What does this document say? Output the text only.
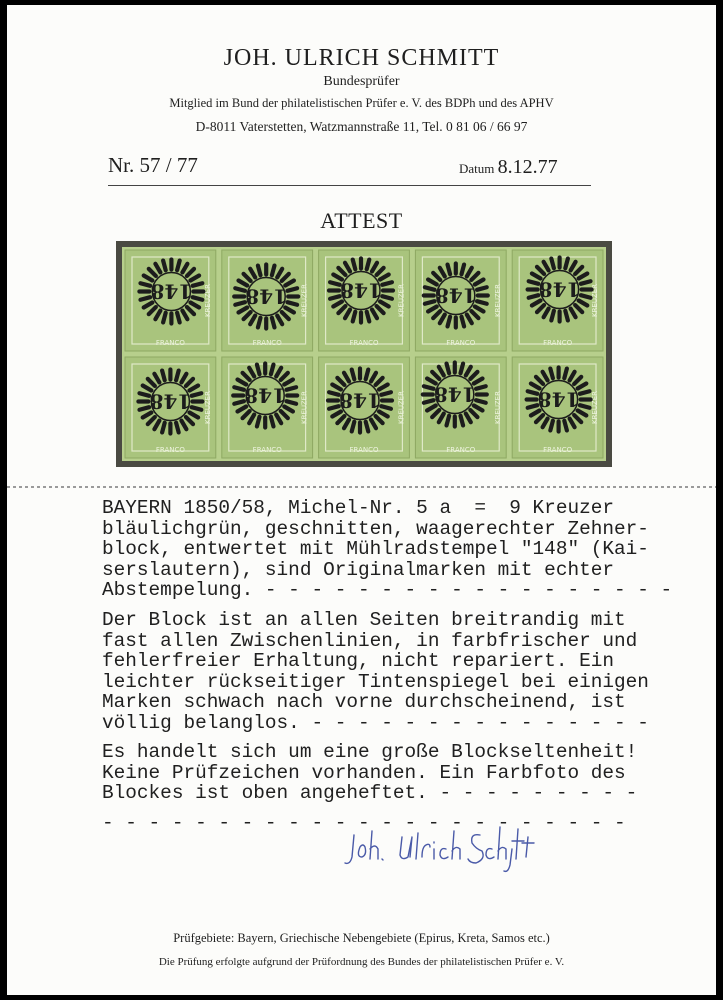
JOH. ULRICH SCHMITT
Bundesprüfer
Mitglied im Bund der philatelistischen Prüfer e. V. des BDPh und des APHV
D-8011 Vaterstetten, Watzmannstraße 11, Tel. 0 81 06 / 66 97
Nr. 57 / 77	Datum 8.12.77
ATTEST
KREUZER
FRANCO
148	KREUZER
FRANCO
148	KREUZER
FRANCO
148	KREUZER
FRANCO
148	KREUZER
FRANCO
148
KREUZER
FRANCO
148	KREUZER
FRANCO
148	KREUZER
FRANCO
148	KREUZER
FRANCO
148	KREUZER
FRANCO
148
BAYERN 1850/58, Michel-Nr. 5 a  =  9 Kreuzer
bläulichgrün, geschnitten, waagerechter Zehner-
block, entwertet mit Mühlradstempel "148" (Kai-
serslautern), sind Originalmarken mit echter
Abstempelung. - - - - - - - - - - - - - - - - - -
Der Block ist an allen Seiten breitrandig mit
fast allen Zwischenlinien, in farbfrischer und
fehlerfreier Erhaltung, nicht repariert. Ein
leichter rückseitiger Tintenspiegel bei einigen
Marken schwach nach vorne durchscheinend, ist
völlig belanglos. - - - - - - - - - - - - - - -
Es handelt sich um eine große Blockseltenheit!
Keine Prüfzeichen vorhanden. Ein Farbfoto des
Blockes ist oben angeheftet. - - - - - - - - -
- - - - - - - - - - - - - - - - - - - - - - -
Prüfgebiete: Bayern, Griechische Nebengebiete (Epirus, Kreta, Samos etc.)
Die Prüfung erfolgte aufgrund der Prüfordnung des Bundes der philatelistischen Prüfer e. V.
